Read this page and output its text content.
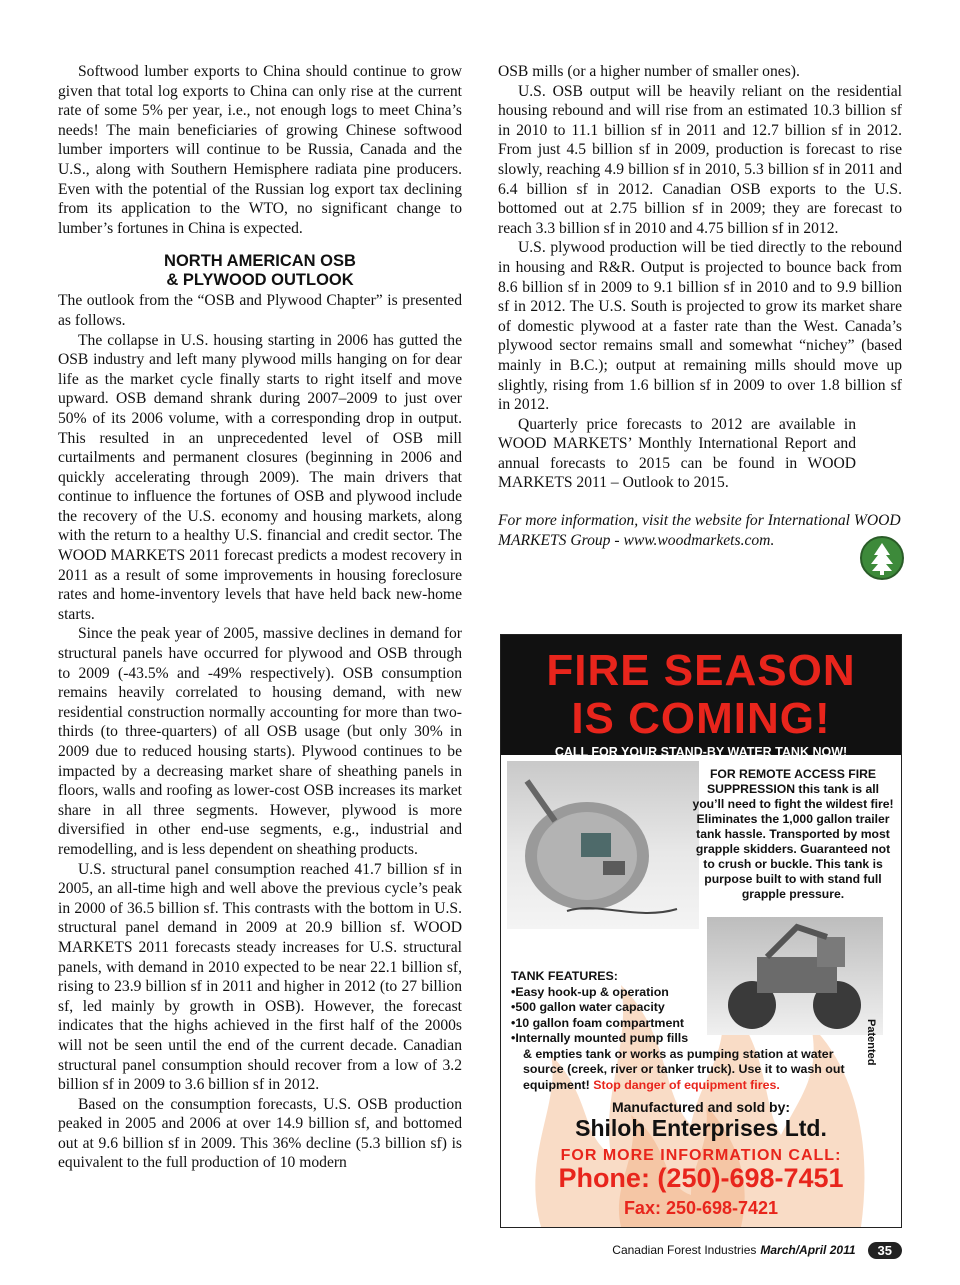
Softwood lumber exports to China should continue to grow given that total log exports to China can only rise at the current rate of some 5% per year, i.e., not enough logs to meet China’s needs! The main beneficiaries of growing Chinese softwood lumber importers will continue to be Russia, Canada and the U.S., along with Southern Hemisphere radiata pine producers. Even with the potential of the Russian log export tax declining from its application to the WTO, no significant change to lumber’s fortunes in China is expected.

NORTH AMERICAN OSB
& PLYWOOD OUTLOOK

The outlook from the “OSB and Plywood Chapter” is presented as follows.

The collapse in U.S. housing starting in 2006 has gutted the OSB industry and left many plywood mills hanging on for dear life as the market cycle finally starts to right itself and move upward. OSB demand shrank during 2007–2009 to just over 50% of its 2006 volume, with a corresponding drop in output. This resulted in an unprecedented level of OSB mill curtailments and permanent closures (beginning in 2006 and quickly accelerating through 2009). The main drivers that continue to influence the fortunes of OSB and plywood include the recovery of the U.S. economy and housing markets, along with the return to a healthy U.S. financial and credit sector. The WOOD MARKETS 2011 forecast predicts a modest recovery in 2011 as a result of some improvements in housing foreclosure rates and home-inventory levels that have held back new-home starts.

Since the peak year of 2005, massive declines in demand for structural panels have occurred for plywood and OSB through to 2009 (-43.5% and -49% respectively). OSB consumption remains heavily correlated to housing demand, with new residential construction normally accounting for more than two-thirds (to three-quarters) of all OSB usage (but only 30% in 2009 due to reduced housing starts). Plywood continues to be impacted by a decreasing market share of sheathing panels in floors, walls and roofing as lower-cost OSB increases its market share in all three segments. However, plywood is more diversified in other end-use segments, e.g., industrial and remodelling, and is less dependent on sheathing products.

U.S. structural panel consumption reached 41.7 billion sf in 2005, an all-time high and well above the previous cycle’s peak in 2000 of 36.5 billion sf. This contrasts with the bottom in U.S. structural panel demand in 2009 at 20.9 billion sf. WOOD MARKETS 2011 forecasts steady increases for U.S. structural panels, with demand in 2010 expected to be near 22.1 billion sf, rising to 23.9 billion sf in 2011 and higher in 2012 (to 27 billion sf, led mainly by growth in OSB). However, the forecast indicates that the highs achieved in the first half of the 2000s will not be seen until the end of the current decade. Canadian structural panel consumption should recover from a low of 3.2 billion sf in 2009 to 3.6 billion sf in 2012.

Based on the consumption forecasts, U.S. OSB production peaked in 2005 and 2006 at over 14.9 billion sf, and bottomed out at 9.6 billion sf in 2009. This 36% decline (5.3 billion sf) is equivalent to the full production of 10 modern

OSB mills (or a higher number of smaller ones).

U.S. OSB output will be heavily reliant on the residential housing rebound and will rise from an estimated 10.3 billion sf in 2010 to 11.1 billion sf in 2011 and 12.7 billion sf in 2012. From just 4.5 billion sf in 2009, production is forecast to rise slowly, reaching 4.9 billion sf in 2010, 5.3 billion sf in 2011 and 6.4 billion sf in 2012. Canadian OSB exports to the U.S. bottomed out at 2.75 billion sf in 2009; they are forecast to reach 3.3 billion sf in 2010 and 4.75 billion sf in 2012.

U.S. plywood production will be tied directly to the rebound in housing and R&R. Output is projected to bounce back from 8.6 billion sf in 2009 to 9.1 billion sf in 2010 and to 9.9 billion sf in 2012. The U.S. South is projected to grow its market share of domestic plywood at a faster rate than the West. Canada’s plywood sector remains small and somewhat “nichey” (based mainly in B.C.); output at remaining mills should move up slightly, rising from 1.6 billion sf in 2009 to over 1.8 billion sf in 2012.

Quarterly price forecasts to 2012 are available in WOOD MARKETS’ Monthly International Report and annual forecasts to 2015 can be found in WOOD MARKETS 2011 – Outlook to 2015.

For more information, visit the website for International WOOD MARKETS Group - www.woodmarkets.com.

FIRE SEASON
IS COMING!

CALL FOR YOUR STAND-BY WATER TANK NOW!
FOR REMOTE ACCESS FIRE SUPPRESSION this tank is all you’ll need to fight the wildest fire! Eliminates the 1,000 gallon trailer tank hassle. Transported by most grapple skidders. Guaranteed not to crush or buckle. This tank is purpose built to with stand full grapple pressure.

TANK FEATURES:

• Easy hook-up & operation
• 500 gallon water capacity
• 10 gallon foam compartment
• Internally mounted pump fills

& empties tank or works as pumping station at water source (creek, river or tanker truck). Use it to wash out equipment! Stop danger of equipment fires.

Patented
Manufactured and sold by:
Shiloh Enterprises Ltd.
FOR MORE INFORMATION CALL:
Phone: (250)-698-7451
Fax: 250-698-7421
Canadian Forest Industries March/April 2011	35
